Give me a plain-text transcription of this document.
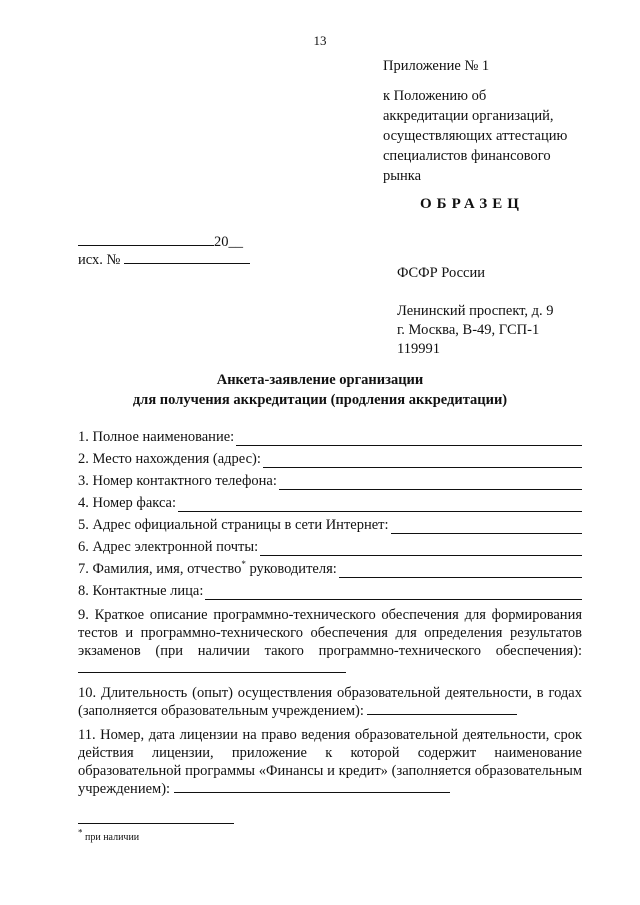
13
Приложение № 1
к Положению об
аккредитации организаций,
осуществляющих аттестацию
специалистов финансового
рынка
ОБРАЗЕЦ
20__
исх. №
ФСФР России
Ленинский проспект, д. 9
г. Москва, В-49, ГСП-1
119991
Анкета-заявление организации
для получения аккредитации (продления аккредитации)
1. Полное наименование:
2. Место нахождения (адрес):
3. Номер контактного телефона:
4. Номер факса:
5. Адрес официальной страницы в сети Интернет:
6. Адрес электронной почты:
7. Фамилия, имя, отчество* руководителя:
8. Контактные лица:
9. Краткое описание программно-технического обеспечения для формирования тестов и программно-технического обеспечения для определения результатов экзаменов (при наличии такого программно-технического обеспечения):
10. Длительность (опыт) осуществления образовательной деятельности, в годах (заполняется образовательным учреждением):
11. Номер, дата лицензии на право ведения образовательной деятельности, срок действия лицензии, приложение к которой содержит наименование образовательной программы «Финансы и кредит» (заполняется образовательным учреждением):
* при наличии
